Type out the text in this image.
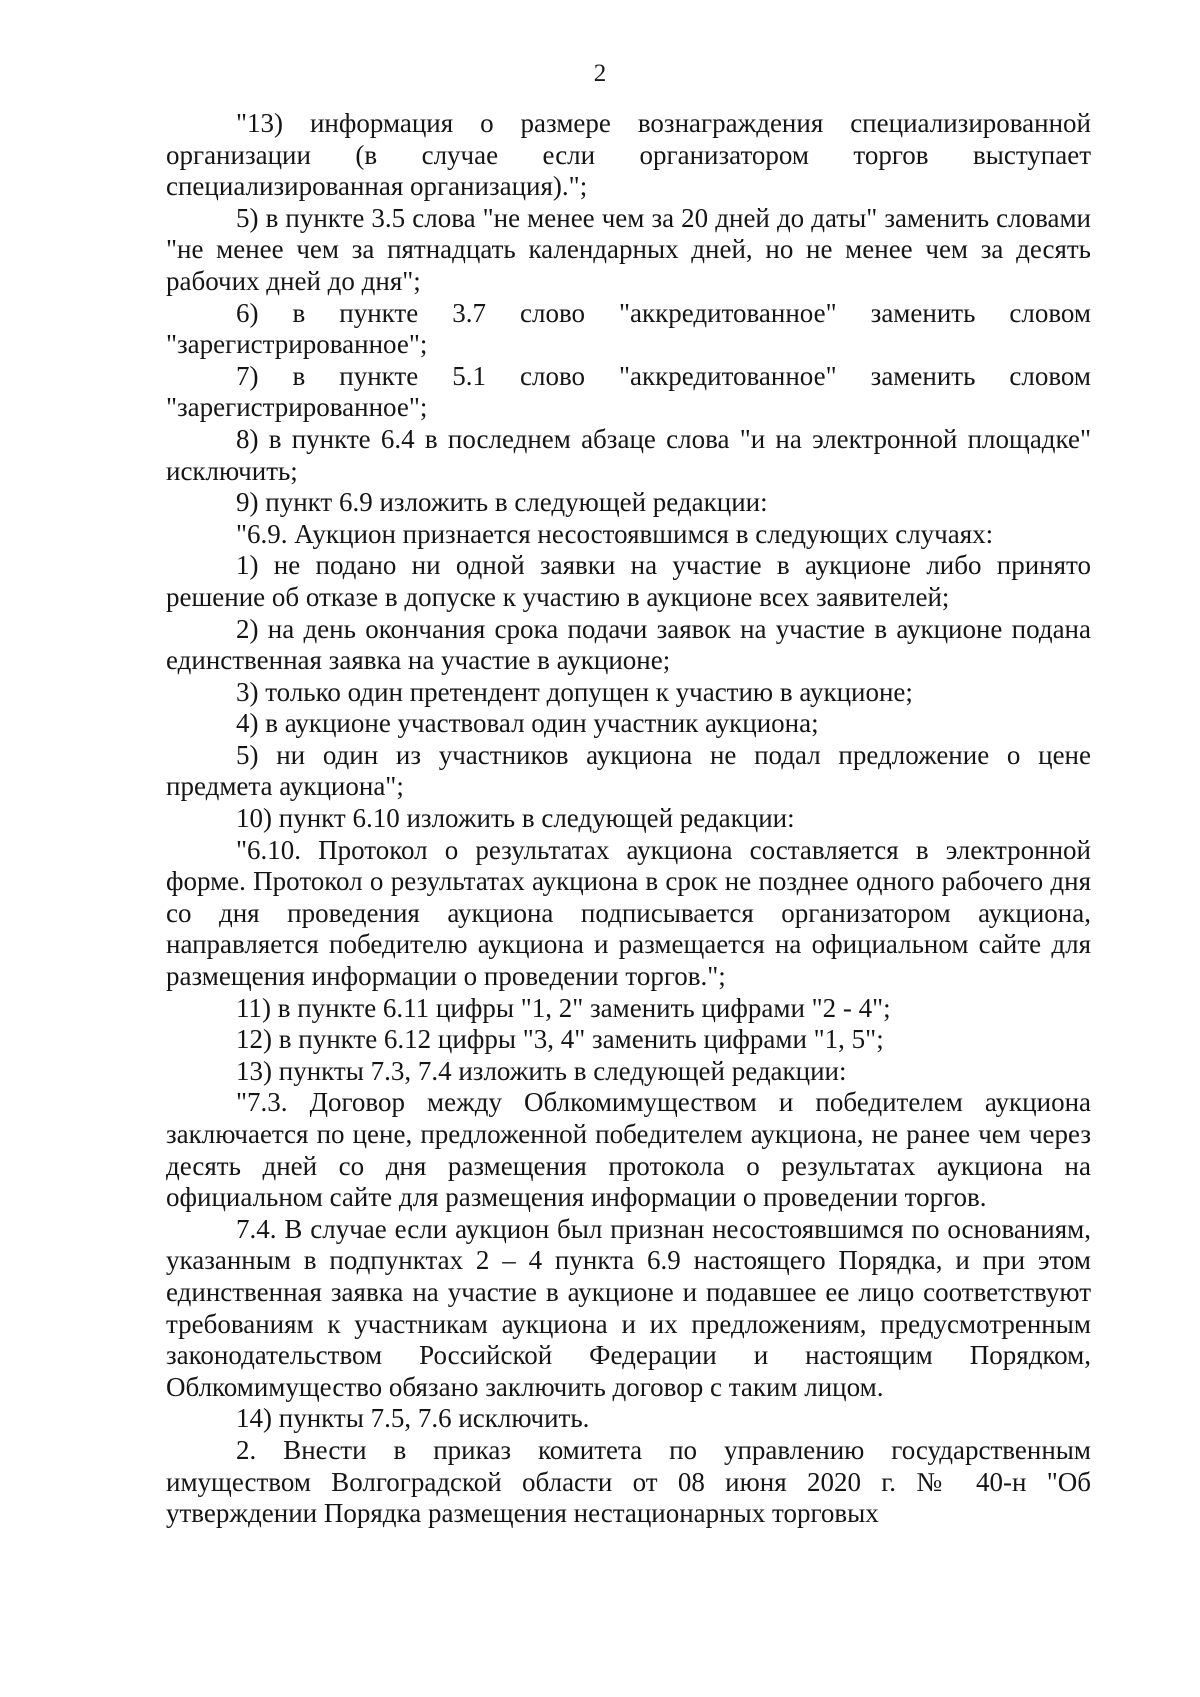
2

"13) информация о размере вознаграждения специализированной организации (в случае если организатором торгов выступает специализированная организация).";

5) в пункте 3.5 слова "не менее чем за 20 дней до даты" заменить словами "не менее чем за пятнадцать календарных дней, но не менее чем за десять рабочих дней до дня";

6) в пункте 3.7 слово "аккредитованное" заменить словом "зарегистрированное";

7) в пункте 5.1 слово "аккредитованное" заменить словом "зарегистрированное";

8) в пункте 6.4 в последнем абзаце слова "и на электронной площадке" исключить;

9) пункт 6.9 изложить в следующей редакции:

"6.9. Аукцион признается несостоявшимся в следующих случаях:

1) не подано ни одной заявки на участие в аукционе либо принято решение об отказе в допуске к участию в аукционе всех заявителей;

2) на день окончания срока подачи заявок на участие в аукционе подана единственная заявка на участие в аукционе;

3) только один претендент допущен к участию в аукционе;

4) в аукционе участвовал один участник аукциона;

5) ни один из участников аукциона не подал предложение о цене предмета аукциона";

10) пункт 6.10 изложить в следующей редакции:

"6.10. Протокол о результатах аукциона составляется в электронной форме. Протокол о результатах аукциона в срок не позднее одного рабочего дня со дня проведения аукциона подписывается организатором аукциона, направляется победителю аукциона и размещается на официальном сайте для размещения информации о проведении торгов.";

11) в пункте 6.11 цифры "1, 2" заменить цифрами "2 - 4";

12) в пункте 6.12 цифры "3, 4" заменить цифрами "1, 5";

13) пункты 7.3, 7.4 изложить в следующей редакции:

"7.3. Договор между Облкомимуществом и победителем аукциона заключается по цене, предложенной победителем аукциона, не ранее чем через десять дней со дня размещения протокола о результатах аукциона на официальном сайте для размещения информации о проведении торгов.

7.4. В случае если аукцион был признан несостоявшимся по основаниям, указанным в подпунктах 2 – 4 пункта 6.9 настоящего Порядка, и при этом единственная заявка на участие в аукционе и подавшее ее лицо соответствуют требованиям к участникам аукциона и их предложениям, предусмотренным законодательством Российской Федерации и настоящим Порядком, Облкомимущество обязано заключить договор с таким лицом.

14) пункты 7.5, 7.6 исключить.

2. Внести в приказ комитета по управлению государственным имуществом Волгоградской области от 08 июня 2020 г. № 40-н "Об утверждении Порядка размещения нестационарных торговых
